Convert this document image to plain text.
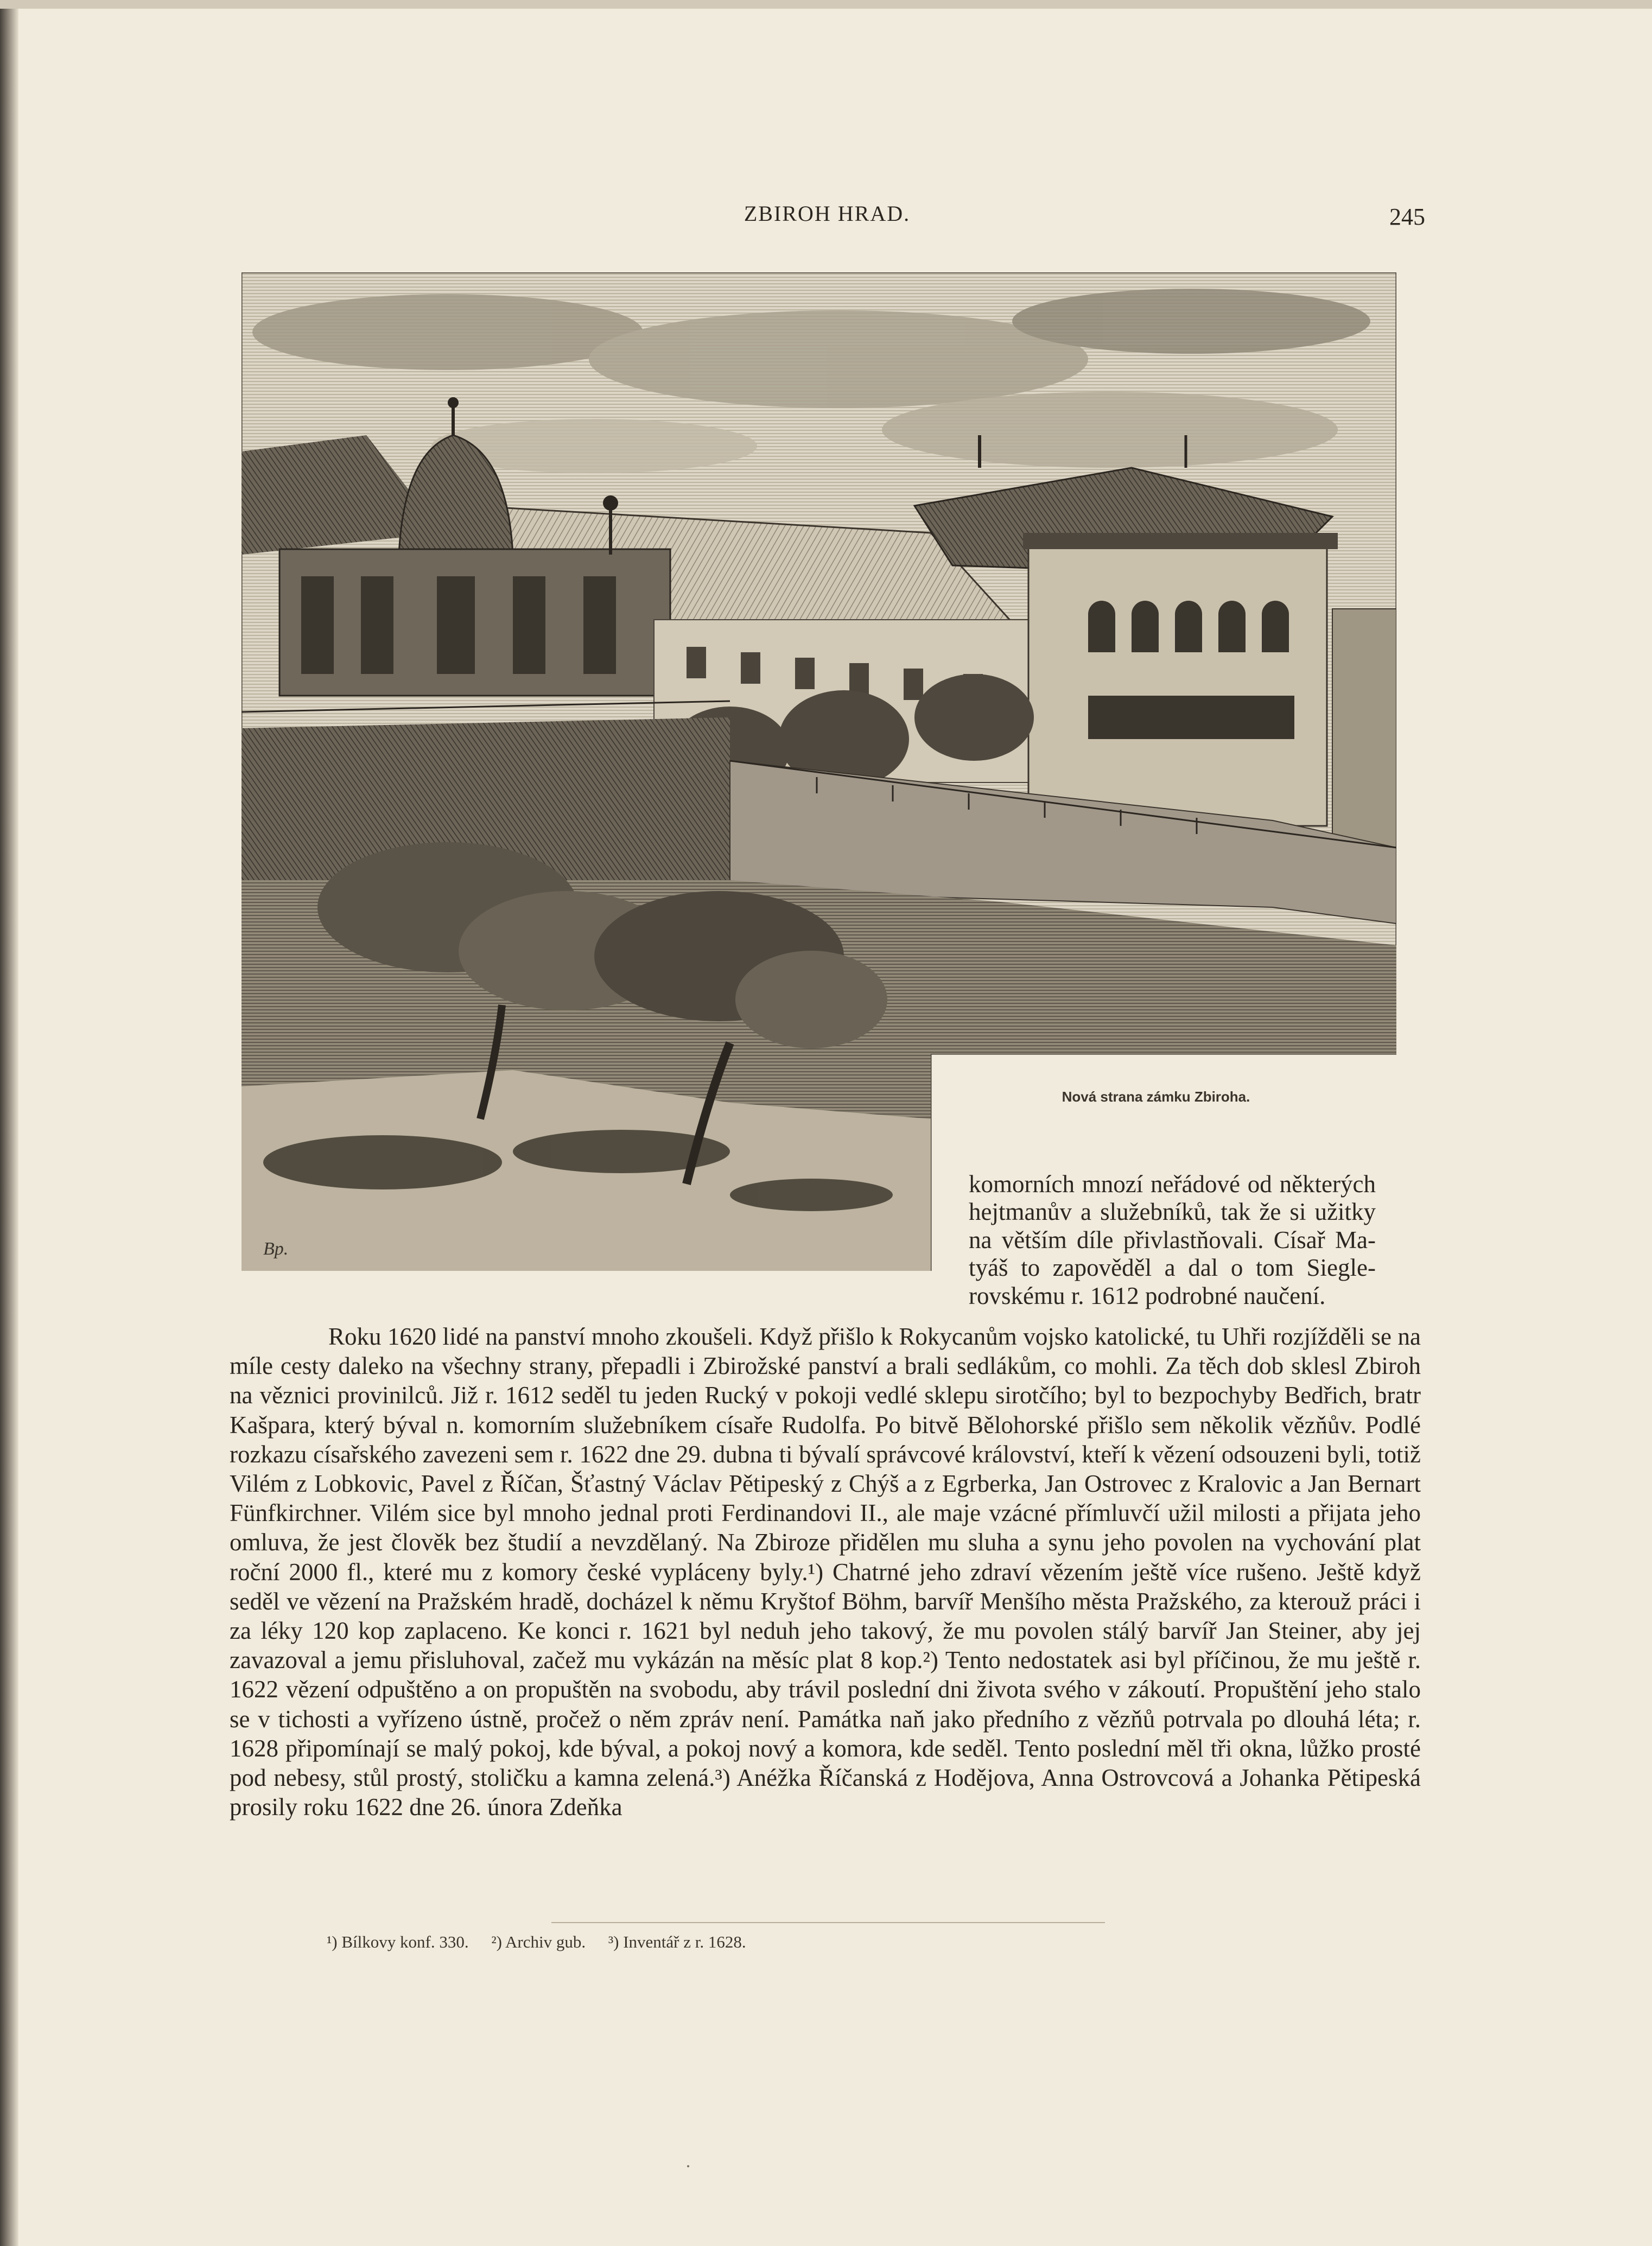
ZBIROH HRAD.	245
Bp.
Nová strana zámku Zbiroha.

komorních mnozí neřádové od některých hejtmanův a služebníků, tak že si užitky na větším díle přivlastňovali. Císař Ma- tyáš to zapověděl a dal o tom Siegle-
rovskému r. 1612 podrobné naučení.

Roku 1620 lidé na panství mnoho zkoušeli. Když přišlo k Rokycanům vojsko katolické, tu Uhři rozjížděli se na míle cesty daleko na všechny strany, přepadli i Zbirožské panství a brali sedlákům, co mohli. Za těch dob sklesl Zbiroh na věznici provinilců. Již r. 1612 seděl tu jeden Rucký v pokoji vedlé sklepu sirotčího; byl to bezpochyby Bedřich, bratr Kašpara, který býval n. komorním služebníkem císaře Rudolfa. Po bitvě Bělohorské přišlo sem několik vězňův. Podlé rozkazu císařského zavezeni sem r. 1622 dne 29. dubna ti bývalí správcové království, kteří k vězení odsouzeni byli, totiž Vilém z Lobkovic, Pavel z Říčan, Šťastný Václav Pětipeský z Chýš a z Egrberka, Jan Ostrovec z Kralovic a Jan Bernart Fünfkirchner. Vilém sice byl mnoho jednal proti Ferdinandovi II., ale maje vzácné přímluvčí užil milosti a přijata jeho omluva, že jest člověk bez študií a nevzdělaný. Na Zbiroze přidělen mu sluha a synu jeho povolen na vychování plat roční 2000 fl., které mu z komory české vypláceny byly.¹) Chatrné jeho zdraví vězením ještě více rušeno. Ještě když seděl ve vězení na Pražském hradě, docházel k němu Kryštof Böhm, barvíř Menšího města Pražského, za kterouž práci i za léky 120 kop zaplaceno. Ke konci r. 1621 byl neduh jeho takový, že mu povolen stálý barvíř Jan Steiner, aby jej zavazoval a jemu přisluhoval, začež mu vykázán na měsíc plat 8 kop.²) Tento nedostatek asi byl příčinou, že mu ještě r. 1622 vězení odpuštěno a on propuštěn na svobodu, aby trávil poslední dni života svého v zákoutí. Propuštění jeho stalo se v tichosti a vyřízeno ústně, pročež o něm zpráv není. Památka naň jako předního z vězňů potrvala po dlouhá léta; r. 1628 připomínají se malý pokoj, kde býval, a pokoj nový a komora, kde seděl. Tento poslední měl tři okna, lůžko prosté pod nebesy, stůl prostý, stoličku a kamna zelená.³) Anéžka Říčanská z Hodějova, Anna Ostrovcová a Johanka Pětipeská prosily roku 1622 dne 26. února Zdeňka

¹) Bílkovy konf. 330. ²) Archiv gub. ³) Inventář z r. 1628.
